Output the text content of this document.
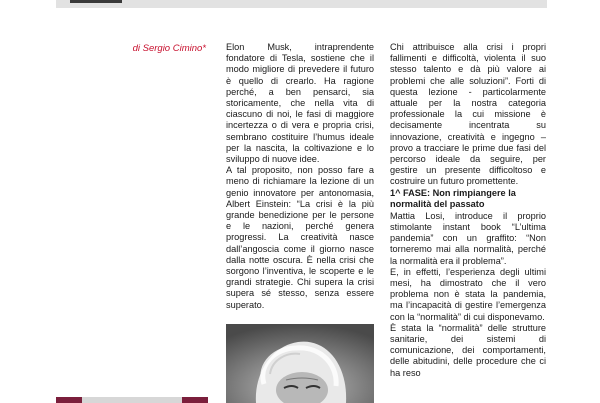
di Sergio Cimino* Elon Musk, intraprendente fondatore di Tesla, sostiene che il modo migliore di prevedere il futuro è quello di crearlo. Ha ragione perché, a ben pensarci, sia storicamente, che nella vita di ciascuno di noi, le fasi di maggiore incertezza o di vera e propria crisi, sembrano costituire l’humus ideale per la nascita, la coltivazione e lo sviluppo di nuove idee.

A tal proposito, non posso fare a meno di richiamare la lezione di un genio innovatore per antonomasia, Albert Einstein: “La crisi è la più grande benedizione per le persone e le nazioni, perché genera progressi. La creatività nasce dall’angoscia come il giorno nasce dalla notte oscura. È nella crisi che sorgono l’inventiva, le scoperte e le grandi strategie. Chi supera la crisi supera sé stesso, senza essere superato.

Chi attribuisce alla crisi i propri fallimenti e difficoltà, violenta il suo stesso talento e dà più valore ai problemi che alle soluzioni”. Forti di questa lezione - particolarmente attuale per la nostra categoria professionale la cui missione è decisamente incentrata su innovazione, creatività e ingegno – provo a tracciare le prime due fasi del percorso ideale da seguire, per gestire un presente difficoltoso e costruire un futuro promettente.

1^ FASE: Non rimpiangere la normalità del passato

Mattia Losi, introduce il proprio stimolante instant book “L’ultima pandemia” con un graffito: “Non torneremo mai alla normalità, perché la normalità era il problema”.

E, in effetti, l’esperienza degli ultimi mesi, ha dimostrato che il vero problema non è stata la pandemia, ma l’incapacità di gestire l’emergenza con la “normalità” di cui disponevamo.

È stata la “normalità” delle strutture sanitarie, dei sistemi di comunicazione, dei comportamenti, delle abitudini, delle procedure che ci ha reso
